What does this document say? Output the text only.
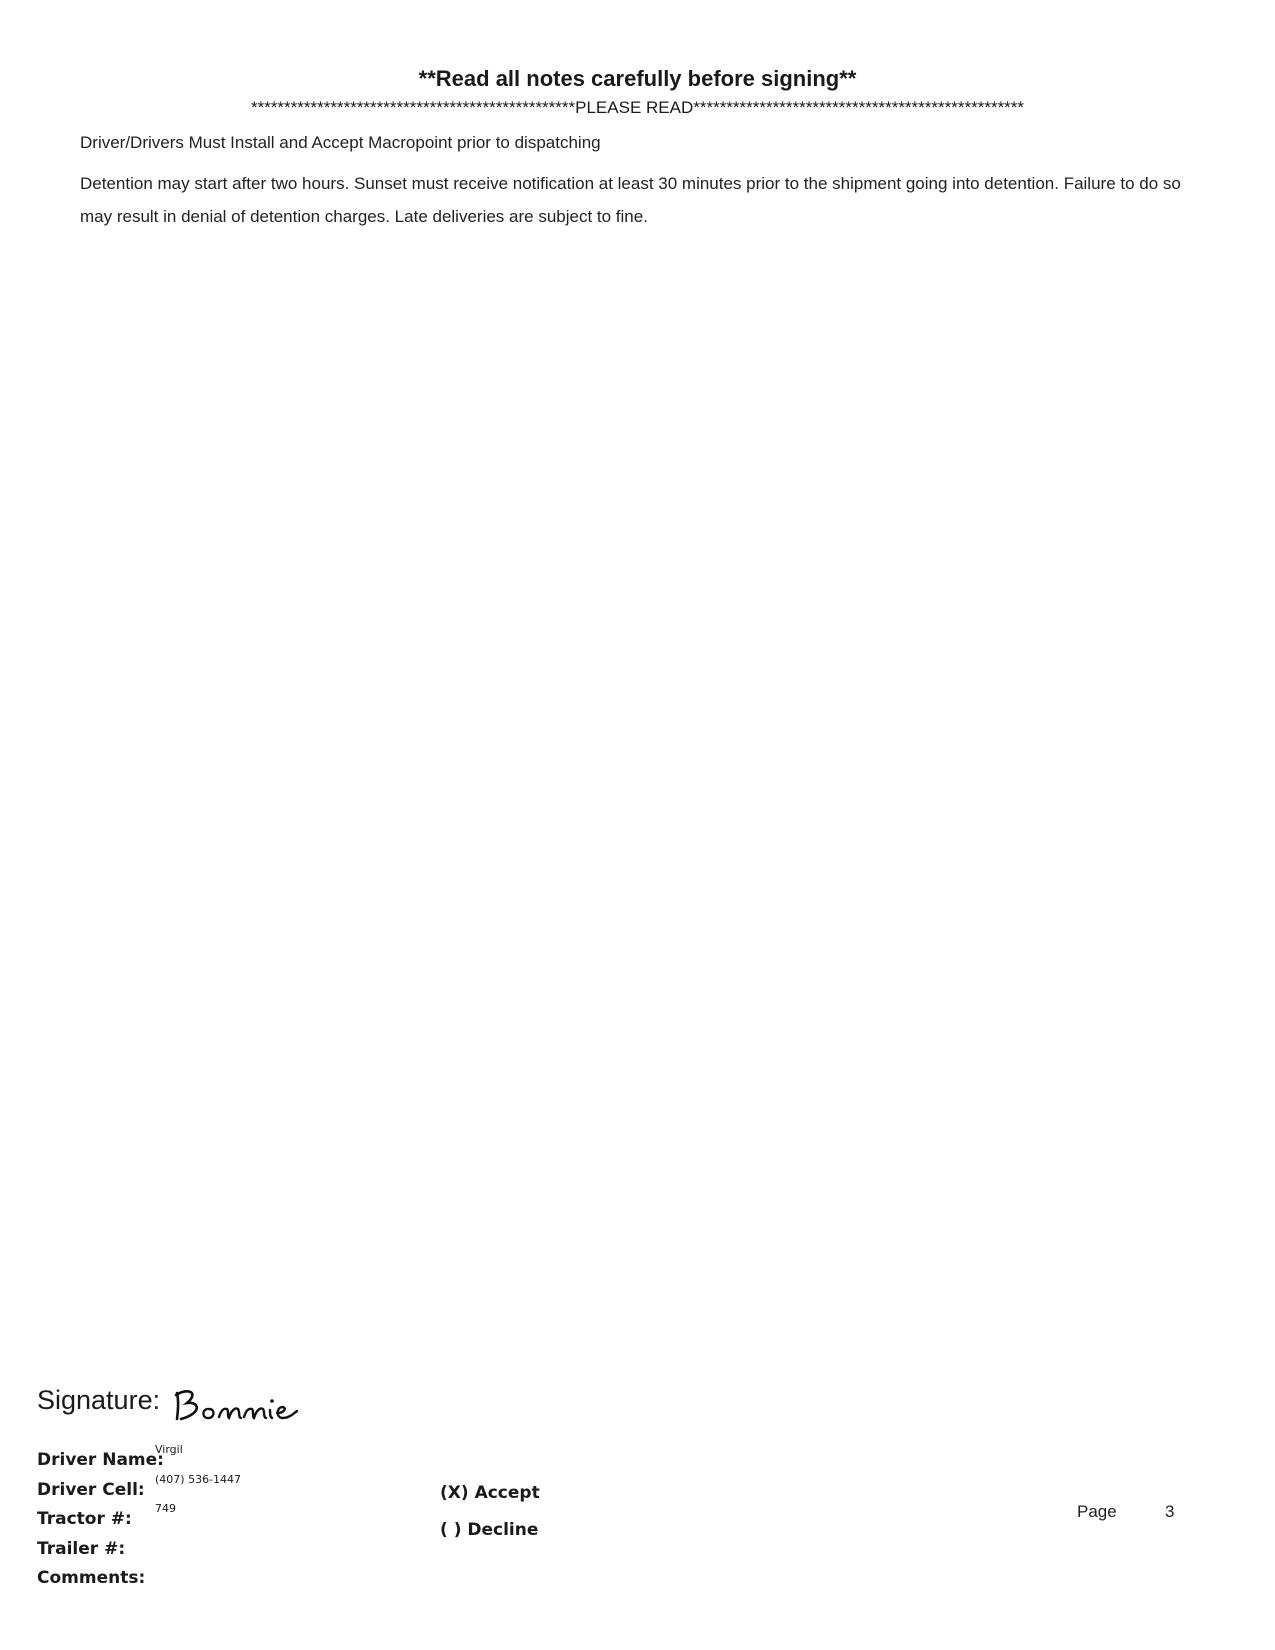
**Read all notes carefully before signing**
*************************************************PLEASE READ**************************************************
Driver/Drivers Must Install and Accept Macropoint prior to dispatching
Detention may start after two hours. Sunset must receive notification at least 30 minutes prior to the shipment going into detention. Failure to do so may result in denial of detention charges. Late deliveries are subject to fine.
Signature:
Driver Name:
Virgil
Driver Cell:
(407) 536-1447
Tractor #:
749
Trailer #:
Comments:
(X) Accept
( ) Decline
Page	3
